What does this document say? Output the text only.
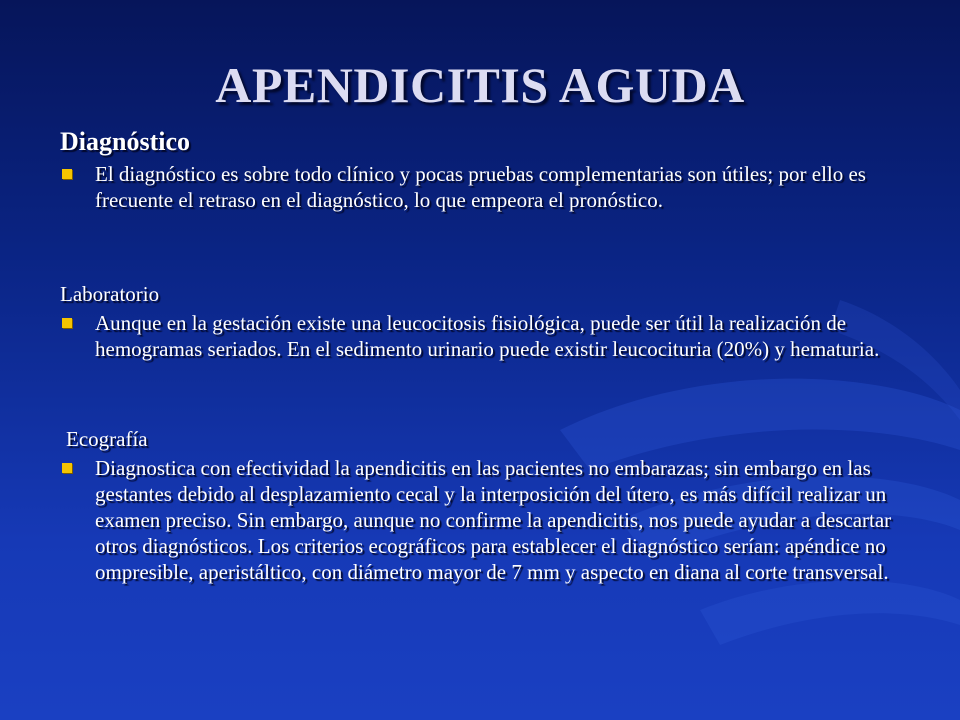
APENDICITIS AGUDA
Diagnóstico
El diagnóstico es sobre todo clínico y pocas pruebas complementarias son útiles; por ello es frecuente el retraso en el diagnóstico, lo que empeora el pronóstico.
Laboratorio
Aunque en la gestación existe una leucocitosis fisiológica, puede ser útil la realización de hemogramas seriados. En el sedimento urinario puede existir leucocituria (20%) y hematuria.
Ecografía
Diagnostica con efectividad la apendicitis en las pacientes no embarazas; sin embargo en las gestantes debido al desplazamiento cecal y la interposición del útero, es más difícil realizar un examen preciso. Sin embargo, aunque no confirme la apendicitis, nos puede ayudar a descartar otros diagnósticos. Los criterios ecográficos para establecer el diagnóstico serían: apéndice no ompresible, aperistáltico, con diámetro mayor de 7 mm y aspecto en diana al corte transversal.
